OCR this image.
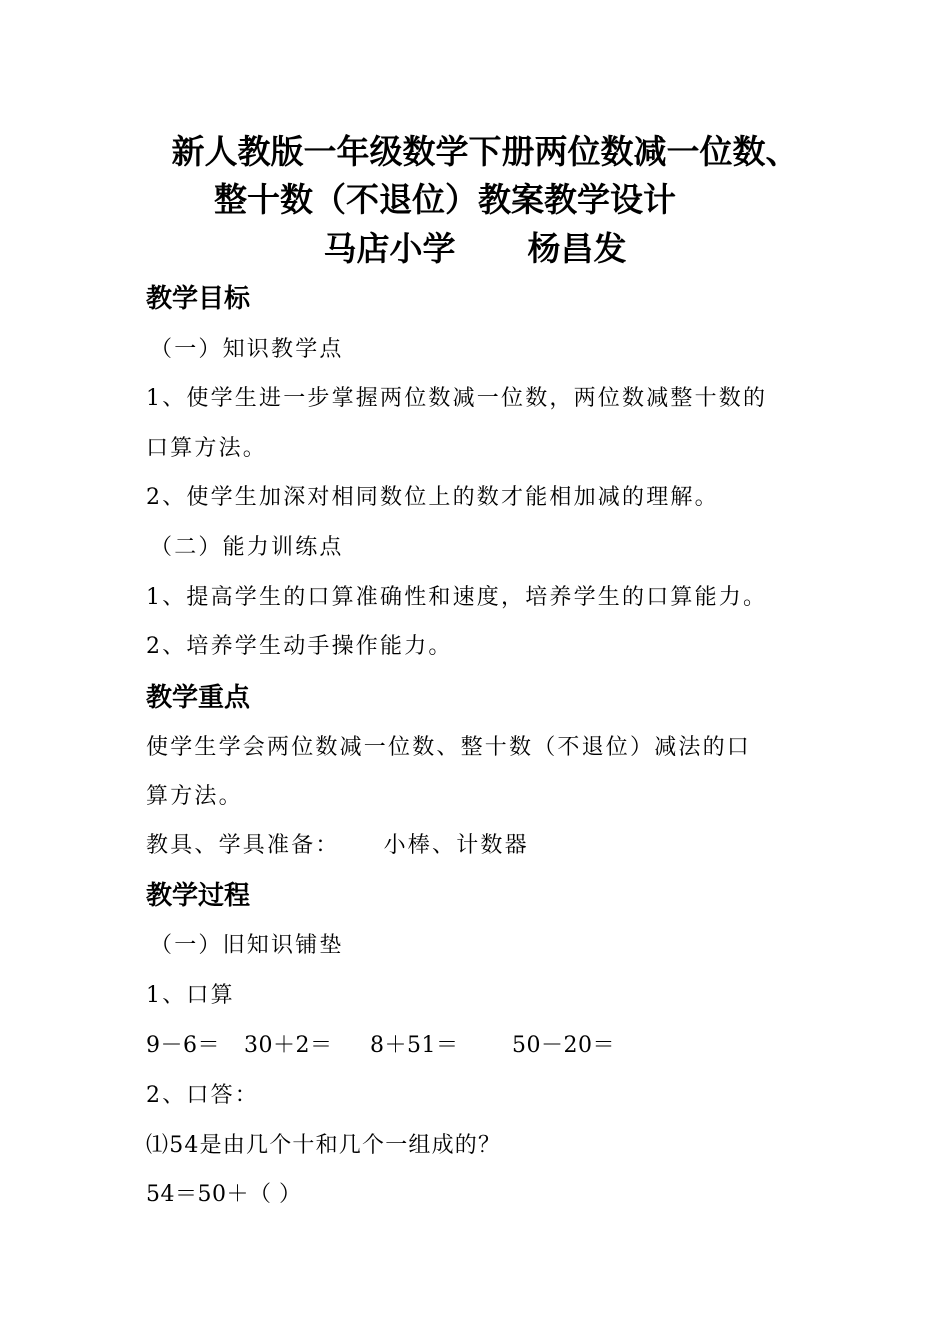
新人教版一年级数学下册两位数减一位数、
整十数（不退位）教案教学设计
马店小学 杨昌发
教学目标
（一）知识教学点
1、使学生进一步掌握两位数减一位数，两位数减整十数的
口算方法。
2、使学生加深对相同数位上的数才能相加减的理解。
（二）能力训练点
1、提高学生的口算准确性和速度，培养学生的口算能力。
2、培养学生动手操作能力。
教学重点
使学生学会两位数减一位数、整十数（不退位）减法的口
算方法。
教具、学具准备： 小棒、计数器
教学过程
（一）旧知识铺垫
1、口算
9－6＝ 30＋2＝ 8＋51＝ 50－20＝
2、口答：
⑴54是由几个十和几个一组成的？
54＝50＋（ ）
